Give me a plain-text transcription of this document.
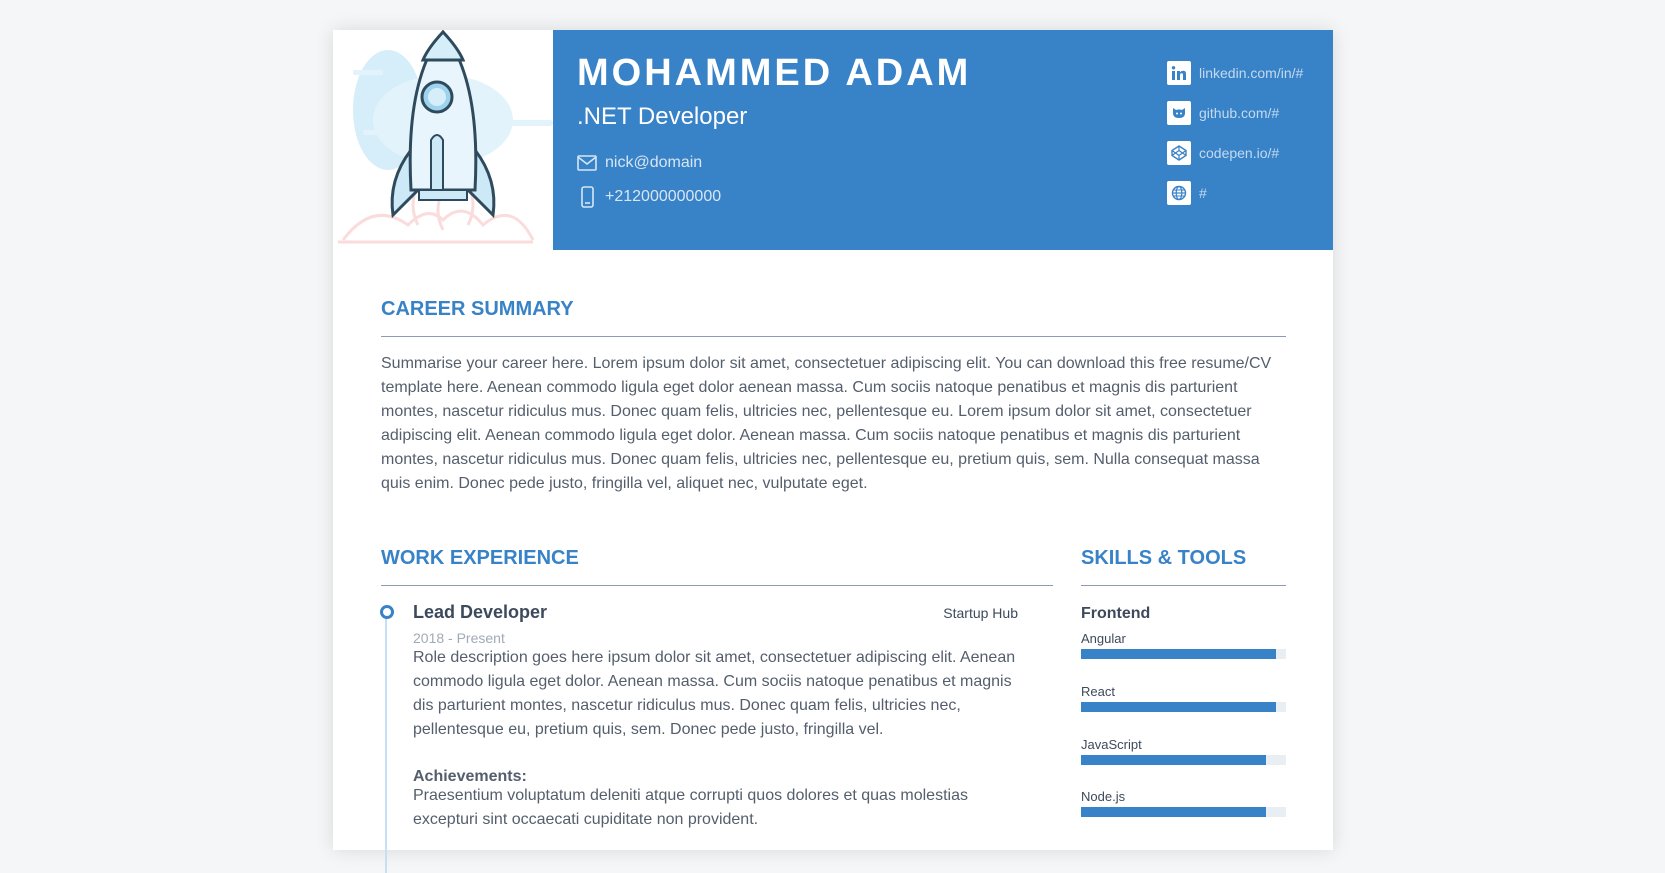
MOHAMMED ADAM
.NET Developer
nick@domain
+212000000000
linkedin.com/in/#
github.com/#
codepen.io/#
#
CAREER SUMMARY

Summarise your career here. Lorem ipsum dolor sit amet, consectetuer adipiscing elit. You can download this free resume/CV template here. Aenean commodo ligula eget dolor aenean massa. Cum sociis natoque penatibus et magnis dis parturient montes, nascetur ridiculus mus. Donec quam felis, ultricies nec, pellentesque eu. Lorem ipsum dolor sit amet, consectetuer adipiscing elit. Aenean commodo ligula eget dolor. Aenean massa. Cum sociis natoque penatibus et magnis dis parturient montes, nascetur ridiculus mus. Donec quam felis, ultricies nec, pellentesque eu, pretium quis, sem. Nulla consequat massa quis enim. Donec pede justo, fringilla vel, aliquet nec, vulputate eget.

WORK EXPERIENCE
Lead Developer	Startup Hub
2018 - Present

Role description goes here ipsum dolor sit amet, consectetuer adipiscing elit. Aenean commodo ligula eget dolor. Aenean massa. Cum sociis natoque penatibus et magnis dis parturient montes, nascetur ridiculus mus. Donec quam felis, ultricies nec, pellentesque eu, pretium quis, sem. Donec pede justo, fringilla vel.

Achievements:

Praesentium voluptatum deleniti atque corrupti quos dolores et quas molestias excepturi sint occaecati cupiditate non provident.

SKILLS & TOOLS
Frontend
Angular
React
JavaScript
Node.js
